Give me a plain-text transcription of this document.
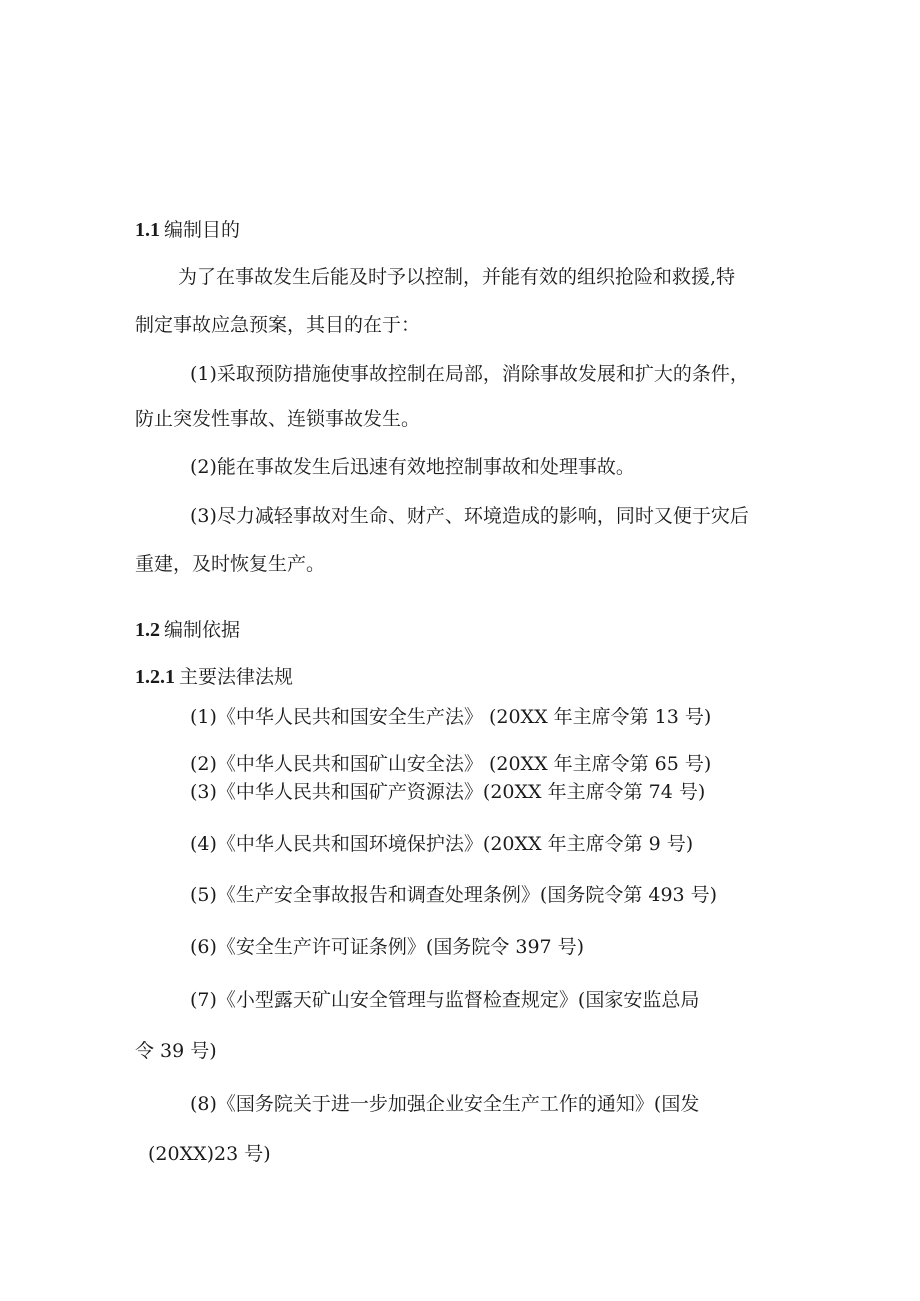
1.1 编制目的
为了在事故发生后能及时予以控制，并能有效的组织抢险和救援,特
制定事故应急预案，其目的在于：
(1)采取预防措施使事故控制在局部，消除事故发展和扩大的条件，
防止突发性事故、连锁事故发生。
(2)能在事故发生后迅速有效地控制事故和处理事故。
(3)尽力减轻事故对生命、财产、环境造成的影响，同时又便于灾后
重建，及时恢复生产。
1.2 编制依据
1.2.1 主要法律法规
(1)《中华人民共和国安全生产法》 (20XX 年主席令第 13 号)
(2)《中华人民共和国矿山安全法》 (20XX 年主席令第 65 号)
(3)《中华人民共和国矿产资源法》(20XX 年主席令第 74 号)
(4)《中华人民共和国环境保护法》(20XX 年主席令第 9 号)
(5)《生产安全事故报告和调查处理条例》(国务院令第 493 号)
(6)《安全生产许可证条例》(国务院令 397 号)
(7)《小型露天矿山安全管理与监督检查规定》(国家安监总局
令 39 号)
(8)《国务院关于进一步加强企业安全生产工作的通知》(国发
(20XX)23 号)
